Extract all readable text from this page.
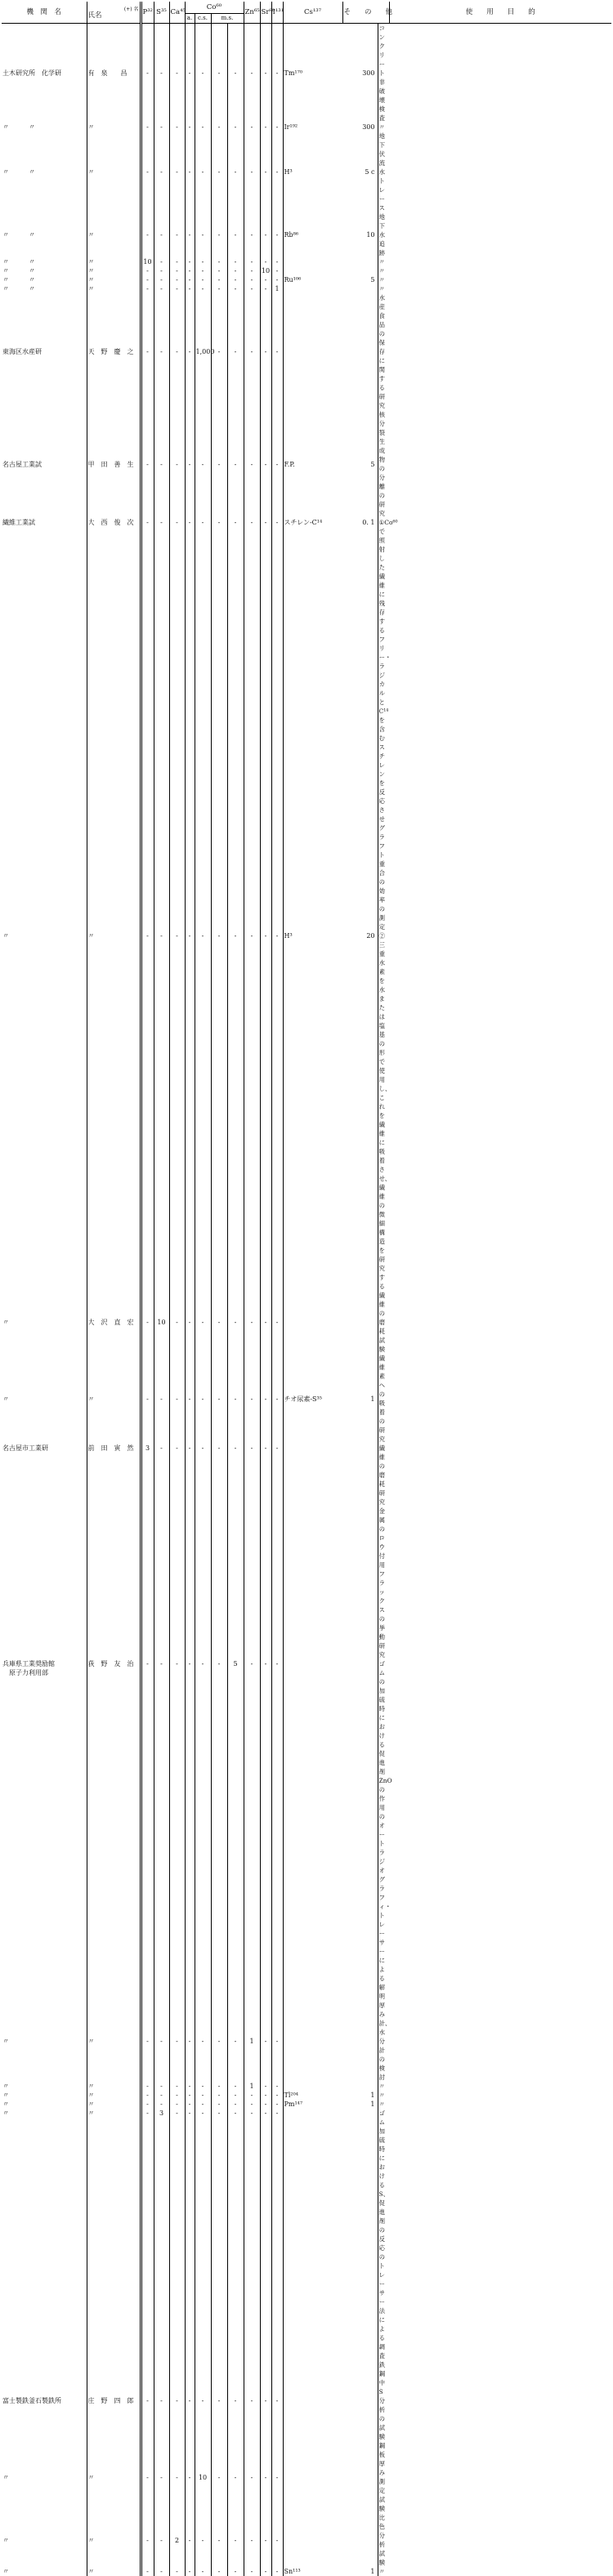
機　関　名	(+) 名
氏名	P³²	S³⁵	Ca⁴⁵	Co⁶⁰				Zn⁶⁵	Sr⁹⁰	I¹³¹	Cs¹³⁷	そ　　の　　他		使　　用　　目　　的
					a.	c.s.	m.s.								
土木研究所　化学研	有　泉　　昌	-	-	-	-	-	-	-	-	-	-	Tm¹⁷⁰	300	コンクリート非破壊検査	
〃　　　〃	〃	-	-	-	-	-	-	-	-	-	-	Ir¹⁹²	300	〃	
〃　　　〃	〃	-	-	-	-	-	-	-	-	-	-	H³	5 c	地下伏流水トレース	
〃　　　〃	〃	-	-	-	-	-	-	-	-	-	-	Rb⁸⁶	10	地下水追跡	
〃　　　〃	〃	10	-	-	-	-	-	-	-	-	-			〃	
〃　　　〃	〃	-	-	-	-	-	-	-	-	10	-			〃	
〃　　　〃	〃	-	-	-	-	-	-	-	-	-	-	Ru¹⁰⁶	5	〃	
〃　　　〃	〃	-	-	-	-	-	-	-	-	-	1			〃	
東海区水産研	天　野　慶　之	-	-	-	-	1,000	-	-	-	-	-			水産食品の保存に関する研究	
名古屋工業試	甲　田　善　生	-	-	-	-	-	-	-	-	-	-	F.P.	5	核分裂生成物の分離の研究	
繊維工業試	大　西　俊　次	-	-	-	-	-	-	-	-	-	-	スチレン-C¹⁴	0. 1	①Co⁶⁰で照射した繊維に残存するフリー・ラジカルとC¹⁴を含むスチレンを反応させグラフト重合の効率の測定	
〃	〃	-	-	-	-	-	-	-	-	-	-	H³	20	②三重水素を水または塩基の形で使用し、これを繊維に吸着させ、繊維の微細構造を研究する	
〃	大　沢　直　宏	-	10	-	-	-	-	-	-	-	-			繊維の磨耗試験	
〃	〃	-	-	-	-	-	-	-	-	-	-	チオ尿素-S³⁵	1	繊維素への吸着の研究	
名古屋市工業研	前　田　寅　然	3	-	-	-	-	-	-	-	-	-			繊維の磨耗研究
金属のロウ付用フラックスの挙動研究	
兵庫県工業奨励館
　原子力利用部	荻　野　友　治	-	-	-	-	-	-	5	-	-	-			ゴムの加硫時における促進剤 ZnO の作用のオートラジオグラフィ・トレーサーによる解明	
〃	〃	-	-	-	-	-	-	-	1	-	-			厚み計、水分計の検討	
〃	〃	-	-	-	-	-	-	-	1	-	-			〃	
〃	〃	-	-	-	-	-	-	-	-	-	-	Tl²⁰⁴	1	〃	
〃	〃	-	-	-	-	-	-	-	-	-	-	Pm¹⁴⁷	1	〃	
〃	〃	-	3	-	-	-	-	-	-	-	-			ゴム加硫時における S、促進剤の反応のトレーサー法による調査	
富士製鉄釜石製鉄所	庄　野　四　郎	-	-	-	-	-	-	-	-	-	-			鉄鋼中S分析の試験	
〃	〃	-	-	-	-	10	-	-	-	-	-			鋼板厚み測定試験	
〃	〃	-	-	2	-	-	-	-	-	-	-			比色分析試験	
〃	〃	-	-	-	-	-	-	-	-	-	-	Sn¹¹³	1	〃	
